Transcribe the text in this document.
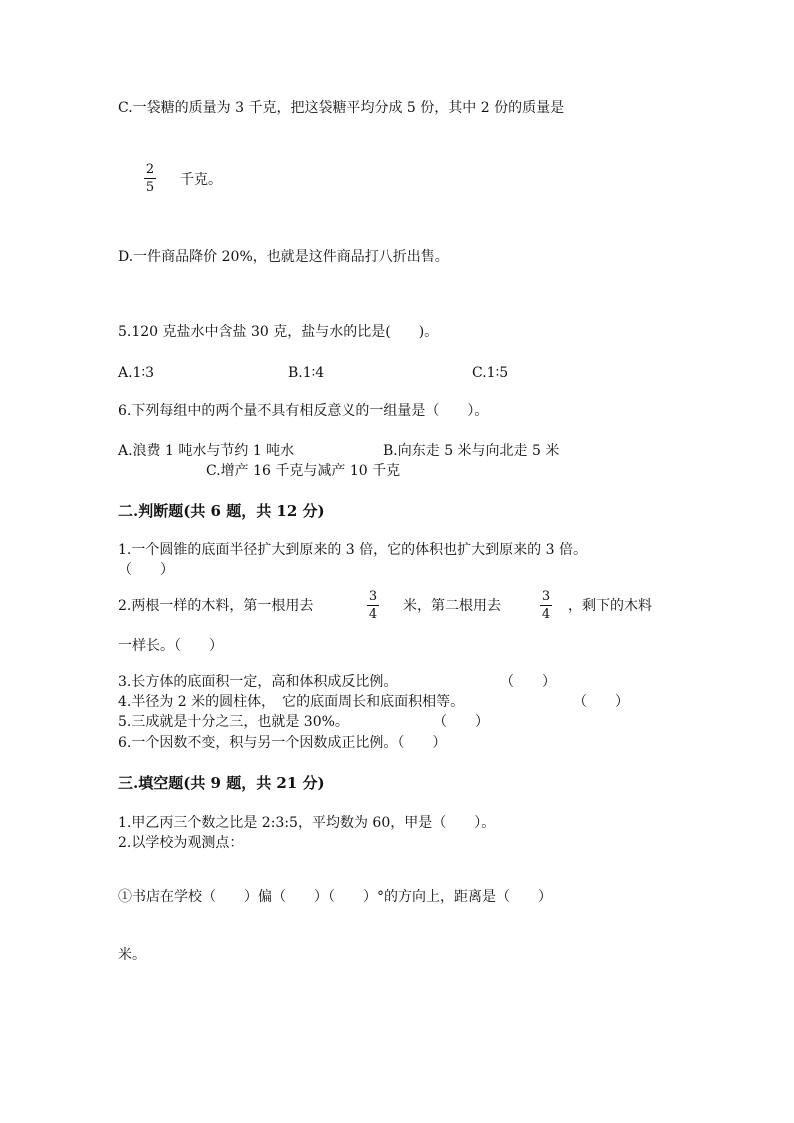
C.一袋糖的质量为 3 千克，把这袋糖平均分成 5 份，其中 2 份的质量是
2
5 千克。
D.一件商品降价 20%，也就是这件商品打八折出售。
5.120 克盐水中含盐 30 克，盐与水的比是(　　)。
A.1∶3	B.1∶4	C.1∶5
6.下列每组中的两个量不具有相反意义的一组量是（　　）。
A.浪费 1 吨水与节约 1 吨水	B.向东走 5 米与向北走 5 米
C.增产 16 千克与减产 10 千克
二.判断题(共 6 题，共 12 分)
1.一个圆锥的底面半径扩大到原来的 3 倍，它的体积也扩大到原来的 3 倍。
（　　）
2.两根一样的木料，第一根用去
3
4
米，第二根用去
3
4
，剩下的木料
一样长。（　　）
3.长方体的底面积一定，高和体积成反比例。	（　　）
4.半径为 2 米的圆柱体，　它的底面周长和底面积相等。	（　　）
5.三成就是十分之三，也就是 30%。	（　　）
6.一个因数不变，积与另一个因数成正比例。（　　）
三.填空题(共 9 题，共 21 分)
1.甲乙丙三个数之比是 2:3:5，平均数为 60，甲是（　　）。
2.以学校为观测点：
①书店在学校（　　）偏（　　）（　　）°的方向上，距离是（　　）
米。
